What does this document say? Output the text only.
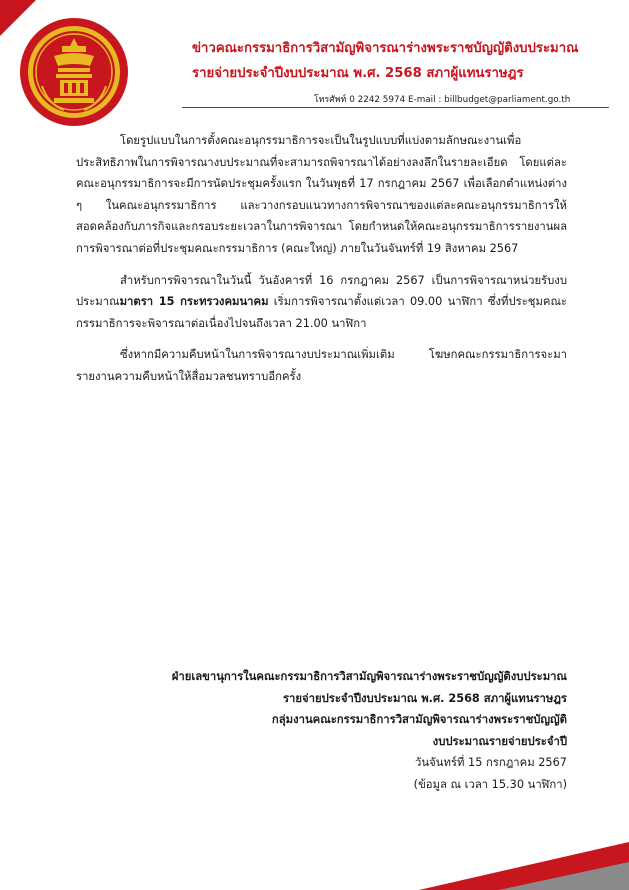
ข่าวคณะกรรมาธิการวิสามัญพิจารณาร่างพระราชบัญญัติงบประมาณ
รายจ่ายประจำปีงบประมาณ พ.ศ. 2568 สภาผู้แทนราษฎร
โทรศัพท์ 0 2242 5974 E-mail : billbudget@parliament.go.th

โดยรูปแบบในการตั้งคณะอนุกรรมาธิการจะเป็นในรูปแบบที่แบ่งตามลักษณะงานเพื่อประสิทธิภาพในการพิจารณางบประมาณที่จะสามารถพิจารณาได้อย่างลงลึกในรายละเอียด โดยแต่ละคณะอนุกรรมาธิการจะมีการนัดประชุมครั้งแรก ในวันพุธที่ 17 กรกฎาคม 2567 เพื่อเลือกตำแหน่งต่าง ๆ ในคณะอนุกรรมาธิการ และวางกรอบแนวทางการพิจารณาของแต่ละคณะอนุกรรมาธิการให้สอดคล้องกับภารกิจและกรอบระยะเวลาในการพิจารณา โดยกำหนดให้คณะอนุกรรมาธิการรายงานผลการพิจารณาต่อที่ประชุมคณะกรรมาธิการ (คณะใหญ่) ภายในวันจันทร์ที่ 19 สิงหาคม 2567

สำหรับการพิจารณาในวันนี้ วันอังคารที่ 16 กรกฎาคม 2567 เป็นการพิจารณาหน่วยรับงบประมาณมาตรา 15 กระทรวงคมนาคม เริ่มการพิจารณาตั้งแต่เวลา 09.00 นาฬิกา ซึ่งที่ประชุมคณะกรรมาธิการจะพิจารณาต่อเนื่องไปจนถึงเวลา 21.00 นาฬิกา

ซึ่งหากมีความคืบหน้าในการพิจารณางบประมาณเพิ่มเติม โฆษกคณะกรรมาธิการจะมารายงานความคืบหน้าให้สื่อมวลชนทราบอีกครั้ง

ฝ่ายเลขานุการในคณะกรรมาธิการวิสามัญพิจารณาร่างพระราชบัญญัติงบประมาณ
รายจ่ายประจำปีงบประมาณ พ.ศ. 2568 สภาผู้แทนราษฎร
กลุ่มงานคณะกรรมาธิการวิสามัญพิจารณาร่างพระราชบัญญัติ
งบประมาณรายจ่ายประจำปี
วันจันทร์ที่ 15 กรกฎาคม 2567
(ข้อมูล ณ เวลา 15.30 นาฬิกา)
